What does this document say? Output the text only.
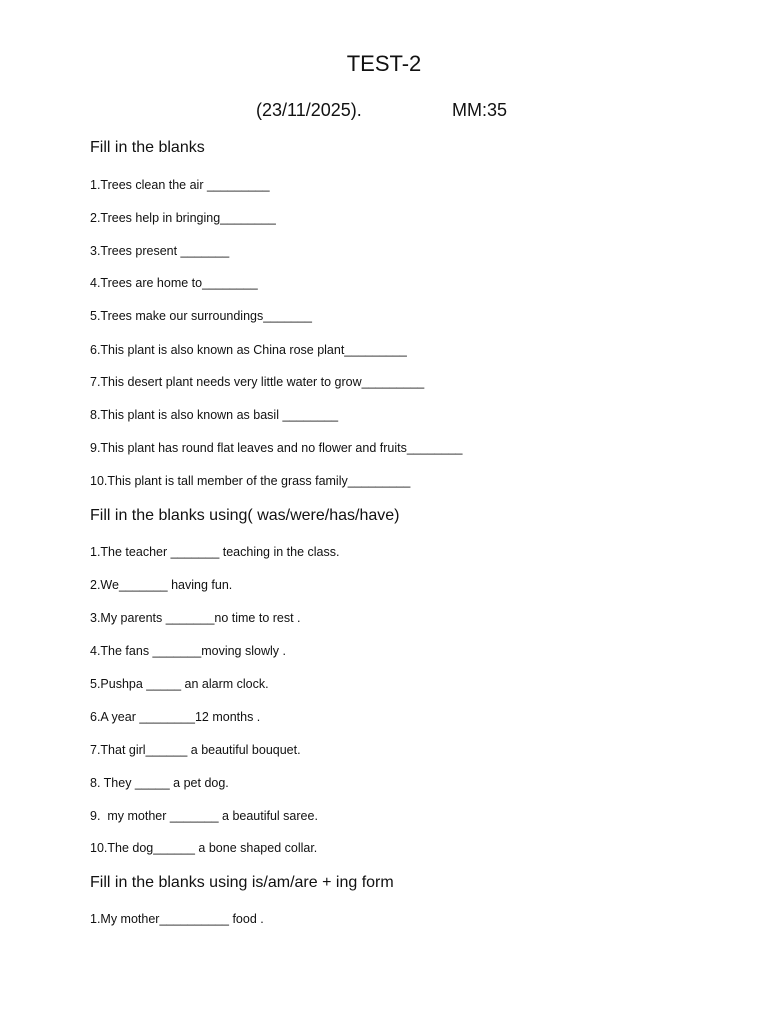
TEST-2
(23/11/2025).	MM:35
Fill in the blanks
1.Trees clean the air _________
2.Trees help in bringing________
3.Trees present _______
4.Trees are home to________
5.Trees make our surroundings_______
6.This plant is also known as China rose plant_________
7.This desert plant needs very little water to grow_________
8.This plant is also known as basil ________
9.This plant has round flat leaves and no flower and fruits________
10.This plant is tall member of the grass family_________
Fill in the blanks using( was/were/has/have)
1.The teacher _______ teaching in the class.
2.We_______ having fun.
3.My parents _______no time to rest .
4.The fans _______moving slowly .
5.Pushpa _____ an alarm clock.
6.A year ________12 months .
7.That girl______ a beautiful bouquet.
8. They _____ a pet dog.
9.  my mother _______ a beautiful saree.
10.The dog______ a bone shaped collar.
Fill in the blanks using is/am/are + ing form
1.My mother__________ food .
